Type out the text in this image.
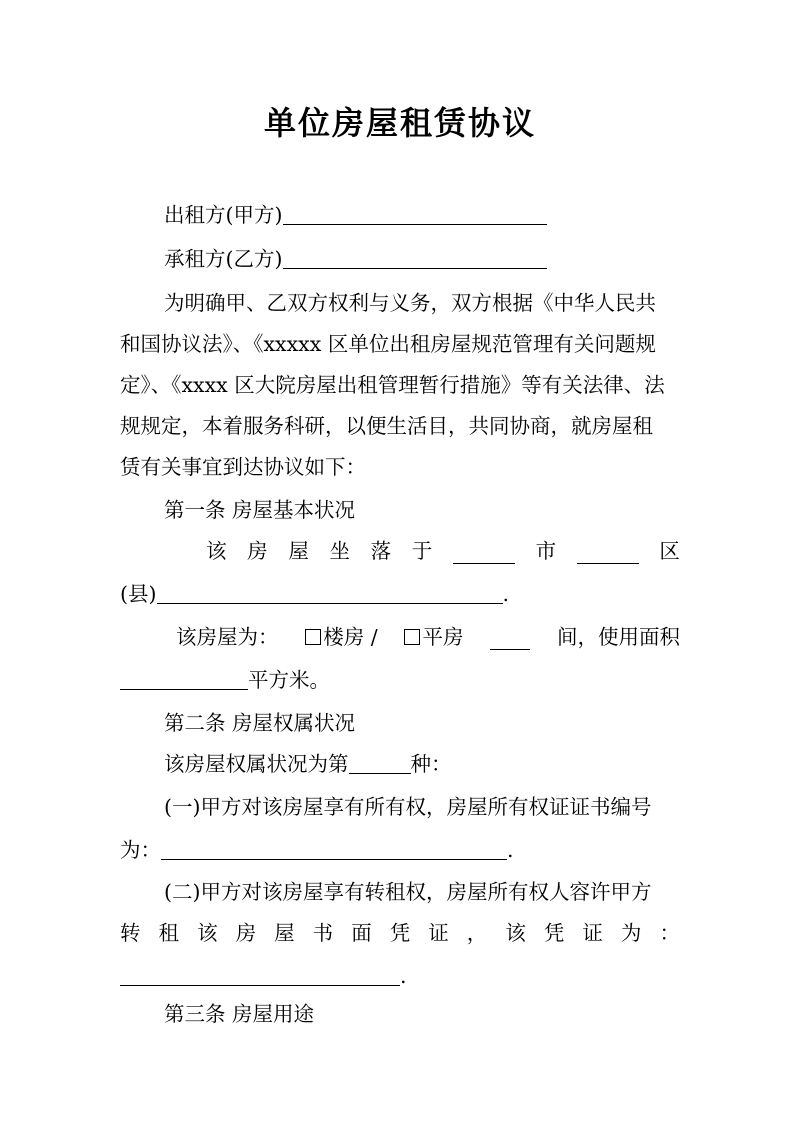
单位房屋租赁协议
出租方(甲方)
承租方(乙方)
为明确甲、乙双方权利与义务，双方根据《中华人民共
和国协议法》、《xxxxx 区单位出租房屋规范管理有关问题规
定》、《xxxx 区大院房屋出租管理暂行措施》等有关法律、法
规规定，本着服务科研，以便生活目，共同协商，就房屋租
赁有关事宜到达协议如下：
第一条 房屋基本状况
该 房 屋 坐 落 于	市	区
(县)	.
该房屋为：	楼房 /	平房	间，使用面积
平方米。
第二条 房屋权属状况
该房屋权属状况为第	种：
(一)甲方对该房屋享有所有权，房屋所有权证证书编号
为：	.
(二)甲方对该房屋享有转租权，房屋所有权人容许甲方
转 租 该 房 屋 书 面 凭 证 ， 该 凭 证 为 ：
.
第三条 房屋用途
